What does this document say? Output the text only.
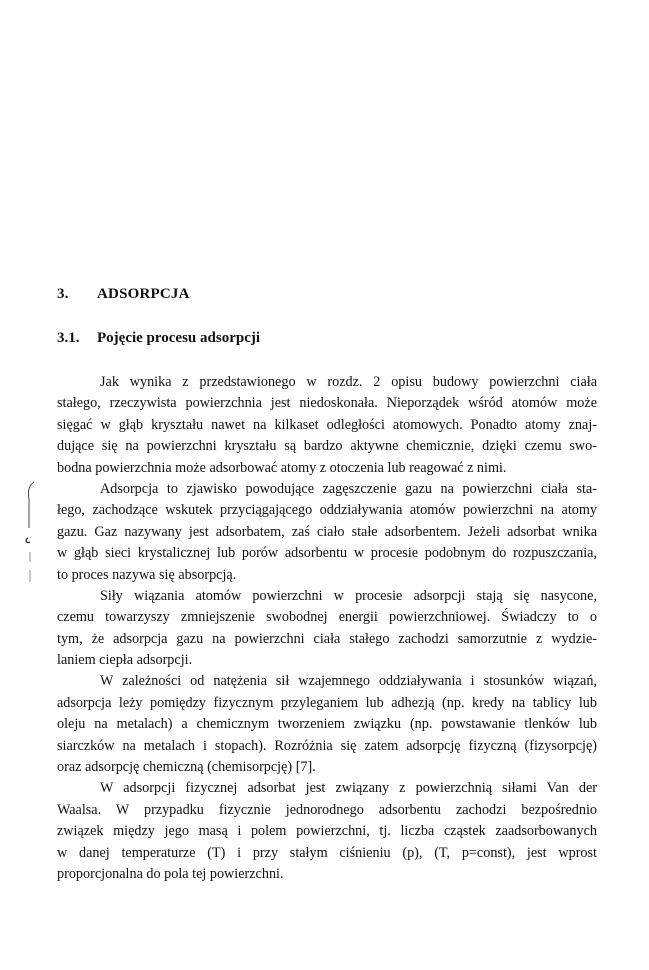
3. ADSORPCJA
3.1. Pojęcie procesu adsorpcji
Jak wynika z przedstawionego w rozdz. 2 opisu budowy powierzchni ciała
stałego, rzeczywista powierzchnia jest niedoskonała. Nieporządek wśród atomów może
sięgać w głąb kryształu nawet na kilkaset odległości atomowych. Ponadto atomy znaj-
dujące się na powierzchni kryształu są bardzo aktywne chemicznie, dzięki czemu swo-
bodna powierzchnia może adsorbować atomy z otoczenia lub reagować z nimi.
Adsorpcja to zjawisko powodujące zagęszczenie gazu na powierzchni ciała sta-
łego, zachodzące wskutek przyciągającego oddziaływania atomów powierzchni na atomy
gazu. Gaz nazywany jest adsorbatem, zaś ciało stałe adsorbentem. Jeżeli adsorbat wnika
w głąb sieci krystalicznej lub porów adsorbentu w procesie podobnym do rozpuszczania,
to proces nazywa się absorpcją.
Siły wiązania atomów powierzchni w procesie adsorpcji stają się nasycone,
czemu towarzyszy zmniejszenie swobodnej energii powierzchniowej. Świadczy to o
tym, że adsorpcja gazu na powierzchni ciała stałego zachodzi samorzutnie z wydzie-
laniem ciepła adsorpcji.
W zależności od natężenia sił wzajemnego oddziaływania i stosunków wiązań,
adsorpcja leży pomiędzy fizycznym przyleganiem lub adhezją (np. kredy na tablicy lub
oleju na metalach) a chemicznym tworzeniem związku (np. powstawanie tlenków lub
siarczków na metalach i stopach). Rozróżnia się zatem adsorpcję fizyczną (fizysorpcję)
oraz adsorpcję chemiczną (chemisorpcję) [7].
W adsorpcji fizycznej adsorbat jest związany z powierzchnią siłami Van der
Waalsa. W przypadku fizycznie jednorodnego adsorbentu zachodzi bezpośrednio
związek między jego masą i polem powierzchni, tj. liczba cząstek zaadsorbowanych
w danej temperaturze (T) i przy stałym ciśnieniu (p), (T, p=const), jest wprost
proporcjonalna do pola tej powierzchni.
